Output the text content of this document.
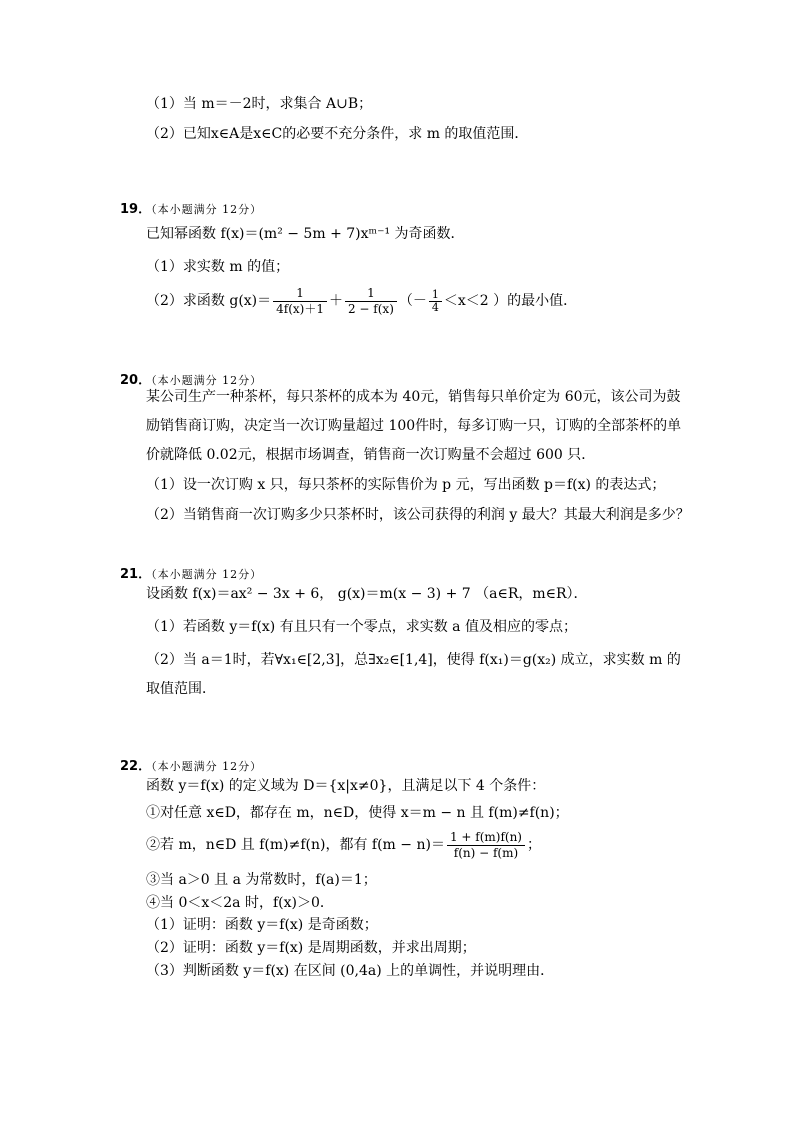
（1）当 m＝－2时，求集合 A∪B；
（2）已知x∈A是x∈C的必要不充分条件，求 m 的取值范围．
19．（本小题满分 12分）
已知幂函数 f(x)＝(m² − 5m + 7)xᵐ⁻¹ 为奇函数．
（1）求实数 m 的值；
（2）求函数 $g(x)= \frac{1}{4f(x)+1} + \frac{1}{2 - f(x)}$ （－ $\frac{1}{4} <x<2$ ）的最小值．
20．（本小题满分 12分）
某公司生产一种茶杯，每只茶杯的成本为 40元，销售每只单价定为 60元，该公司为鼓
励销售商订购，决定当一次订购量超过 100件时，每多订购一只，订购的全部茶杯的单
价就降低 0.02元，根据市场调查，销售商一次订购量不会超过 600 只．
（1）设一次订购 x 只，每只茶杯的实际售价为 p 元，写出函数 p＝f(x) 的表达式；
（2）当销售商一次订购多少只茶杯时，该公司获得的利润 y 最大？其最大利润是多少？
21．（本小题满分 12分）
设函数 f(x)＝ax² − 3x + 6， g(x)＝m(x − 3) + 7 （a∈R，m∈R）．
（1）若函数 y＝f(x) 有且只有一个零点，求实数 a 值及相应的零点；
（2）当 a＝1时，若∀x₁∈[2,3]，总∃x₂∈[1,4]，使得 f(x₁)＝g(x₂) 成立，求实数 m 的
取值范围．
22．（本小题满分 12分）
函数 y＝f(x) 的定义域为 D＝{x|x≠0}，且满足以下 4 个条件：
①对任意 x∈D，都存在 m，n∈D，使得 x＝m − n 且 f(m)≠f(n)；
②若 m，n∈D 且 f(m)≠f(n)，都有 $f(m - n)= \frac{1 + f(m)f(n)}{f(n) - f(m)}$ ；
③当 a＞0 且 a 为常数时，f(a)＝1；
④当 0＜x＜2a 时，f(x)＞0．
（1）证明：函数 y＝f(x) 是奇函数；
（2）证明：函数 y＝f(x) 是周期函数，并求出周期；
（3）判断函数 y＝f(x) 在区间 (0,4a) 上的单调性，并说明理由．
